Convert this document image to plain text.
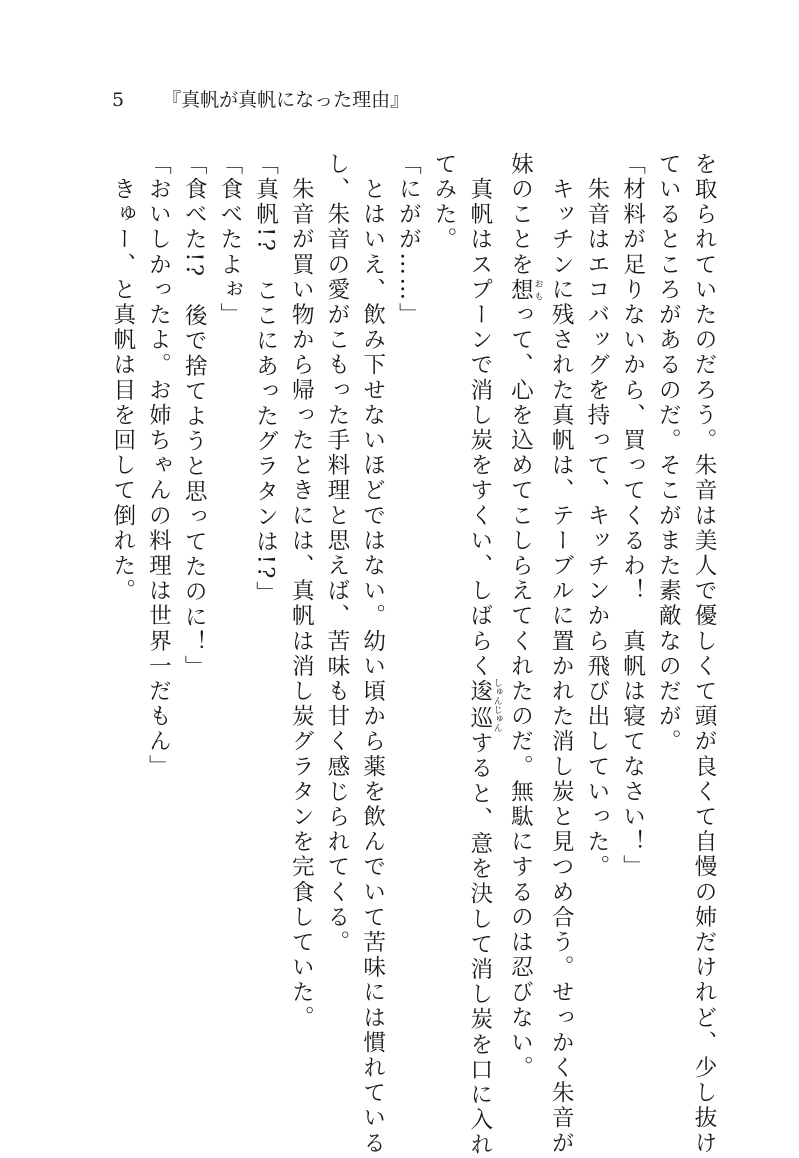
5 『真帆が真帆になった理由』
を取られていたのだろう。朱音は美人で優しくて頭が良くて自慢の姉だけれど、少し抜け
ているところがあるのだ。そこがまた素敵なのだが。
「材料が足りないから、買ってくるわ！　真帆は寝てなさい！」
　朱音はエコバッグを持って、キッチンから飛び出していった。
　キッチンに残された真帆は、テーブルに置かれた消し炭と見つめ合う。せっかく朱音が
妹のことを想 おもって、心を込めてこしらえてくれたのだ。無駄にするのは忍びない。
　真帆はスプーンで消し炭をすくい、しばらく逡巡 しゅんじゅんすると、意を決して消し炭を口に入れ
てみた。
「にがが……」
　とはいえ、飲み下せないほどではない。幼い頃から薬を飲んでいて苦味には慣れている
し、朱音の愛がこもった手料理と思えば、苦味も甘く感じられてくる。
　朱音が買い物から帰ったときには、真帆は消し炭グラタンを完食していた。
「真帆!?　ここにあったグラタンは!?」
「食べたよぉ」
「食べた!?　後で捨てようと思ってたのに！」
「おいしかったよ。お姉ちゃんの料理は世界一だもん」
　きゅー、と真帆は目を回して倒れた。
